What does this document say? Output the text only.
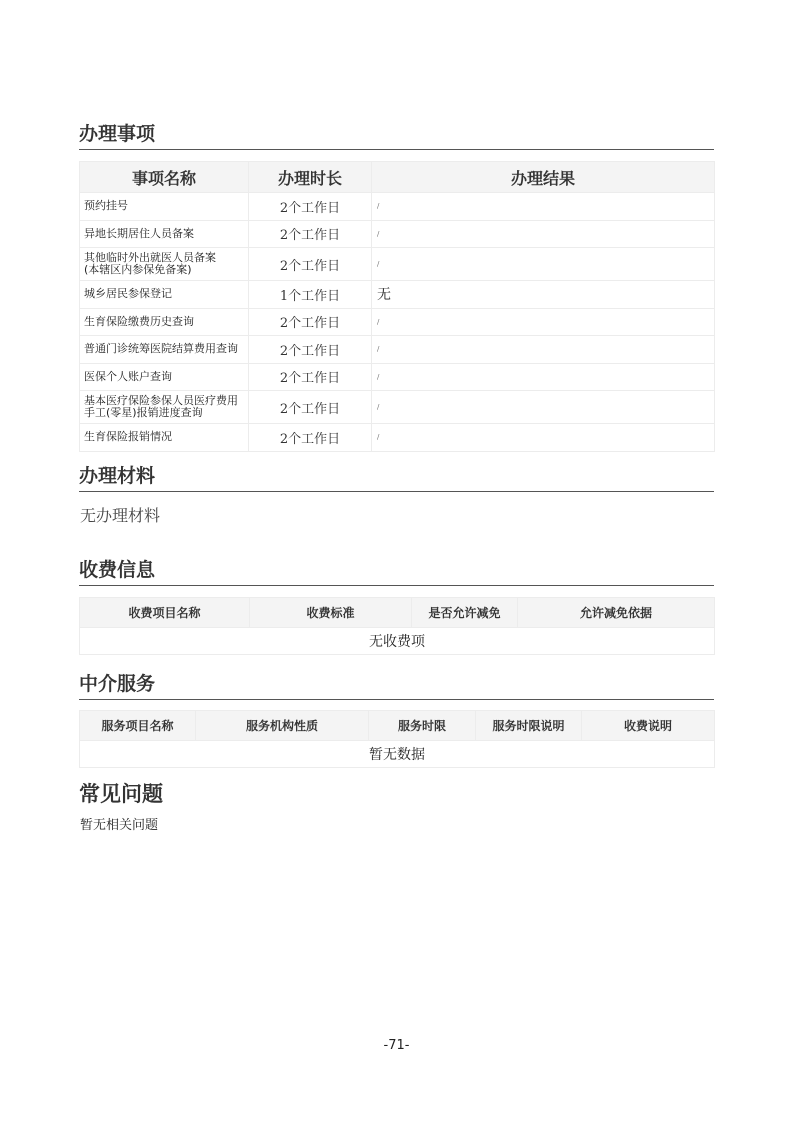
办理事项
事项名称	办理时长	办理结果
预约挂号	2个工作日	/
异地长期居住人员备案	2个工作日	/
其他临时外出就医人员备案
(本辖区内参保免备案)	2个工作日	/
城乡居民参保登记	1个工作日	无
生育保险缴费历史查询	2个工作日	/
普通门诊统筹医院结算费用查询	2个工作日	/
医保个人账户查询	2个工作日	/
基本医疗保险参保人员医疗费用
手工(零星)报销进度查询	2个工作日	/
生育保险报销情况	2个工作日	/
办理材料
无办理材料
收费信息
收费项目名称	收费标准	是否允许减免	允许减免依据
无收费项
中介服务
服务项目名称	服务机构性质	服务时限	服务时限说明	收费说明
暂无数据
常见问题
暂无相关问题
-71-
